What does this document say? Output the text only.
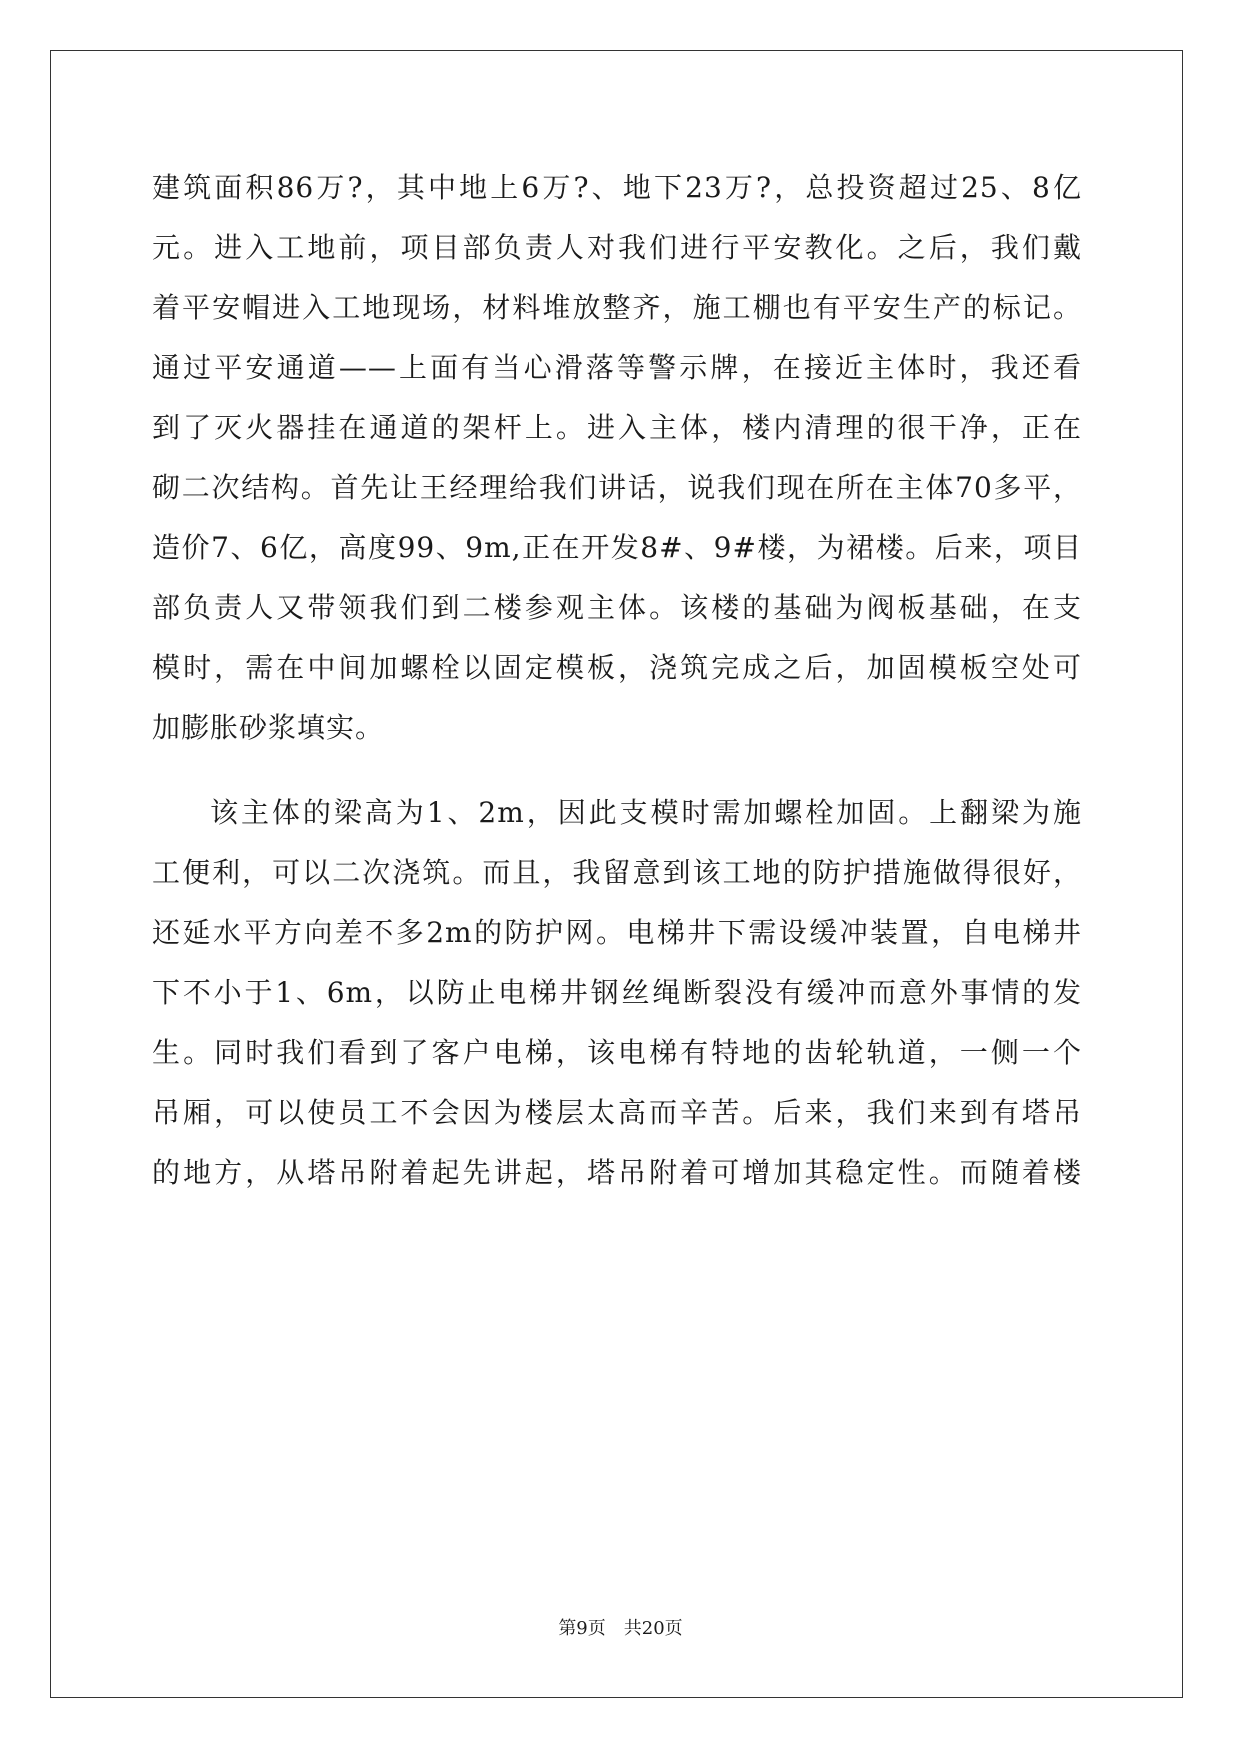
建筑面积86万?，其中地上6万?、地下23万?，总投资超过25、8亿
元。进入工地前，项目部负责人对我们进行平安教化。之后，我们戴
着平安帽进入工地现场，材料堆放整齐，施工棚也有平安生产的标记。
通过平安通道——上面有当心滑落等警示牌，在接近主体时，我还看
到了灭火器挂在通道的架杆上。进入主体，楼内清理的很干净，正在
砌二次结构。首先让王经理给我们讲话，说我们现在所在主体70多平，
造价7、6亿，高度99、9m,正在开发8#、9#楼，为裙楼。后来，项目
部负责人又带领我们到二楼参观主体。该楼的基础为阀板基础，在支
模时，需在中间加螺栓以固定模板，浇筑完成之后，加固模板空处可
加膨胀砂浆填实。
该主体的梁高为1、2m，因此支模时需加螺栓加固。上翻梁为施
工便利，可以二次浇筑。而且，我留意到该工地的防护措施做得很好，
还延水平方向差不多2m的防护网。电梯井下需设缓冲装置，自电梯井
下不小于1、6m，以防止电梯井钢丝绳断裂没有缓冲而意外事情的发
生。同时我们看到了客户电梯，该电梯有特地的齿轮轨道，一侧一个
吊厢，可以使员工不会因为楼层太高而辛苦。后来，我们来到有塔吊
的地方，从塔吊附着起先讲起，塔吊附着可增加其稳定性。而随着楼
第9页　共20页
